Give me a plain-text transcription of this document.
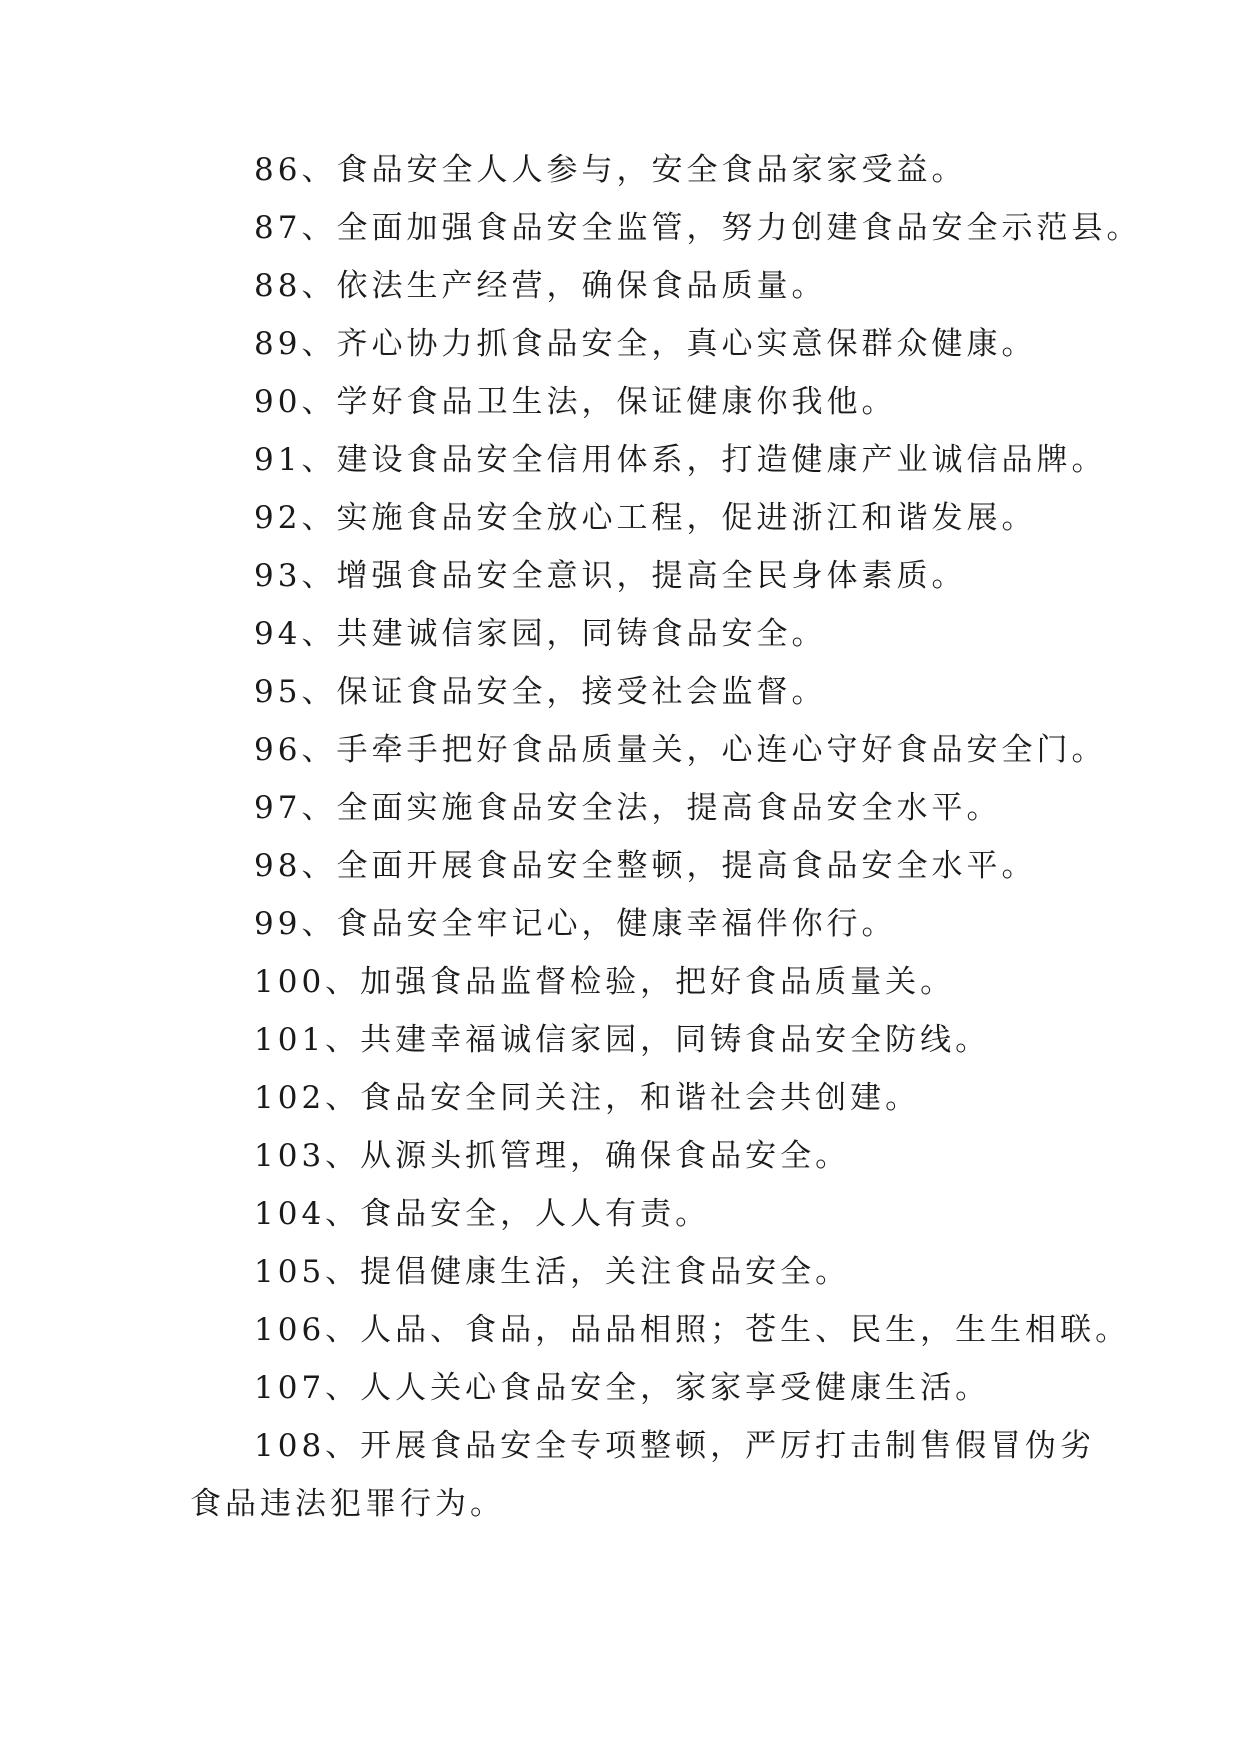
86、食品安全人人参与，安全食品家家受益。
87、全面加强食品安全监管，努力创建食品安全示范县。
88、依法生产经营，确保食品质量。
89、齐心协力抓食品安全，真心实意保群众健康。
90、学好食品卫生法，保证健康你我他。
91、建设食品安全信用体系，打造健康产业诚信品牌。
92、实施食品安全放心工程，促进浙江和谐发展。
93、增强食品安全意识，提高全民身体素质。
94、共建诚信家园，同铸食品安全。
95、保证食品安全，接受社会监督。
96、手牵手把好食品质量关，心连心守好食品安全门。
97、全面实施食品安全法，提高食品安全水平。
98、全面开展食品安全整顿，提高食品安全水平。
99、食品安全牢记心，健康幸福伴你行。
100、加强食品监督检验，把好食品质量关。
101、共建幸福诚信家园，同铸食品安全防线。
102、食品安全同关注，和谐社会共创建。
103、从源头抓管理，确保食品安全。
104、食品安全，人人有责。
105、提倡健康生活，关注食品安全。
106、人品、食品，品品相照；苍生、民生，生生相联。
107、人人关心食品安全，家家享受健康生活。
108、开展食品安全专项整顿，严厉打击制售假冒伪劣
食品违法犯罪行为。
